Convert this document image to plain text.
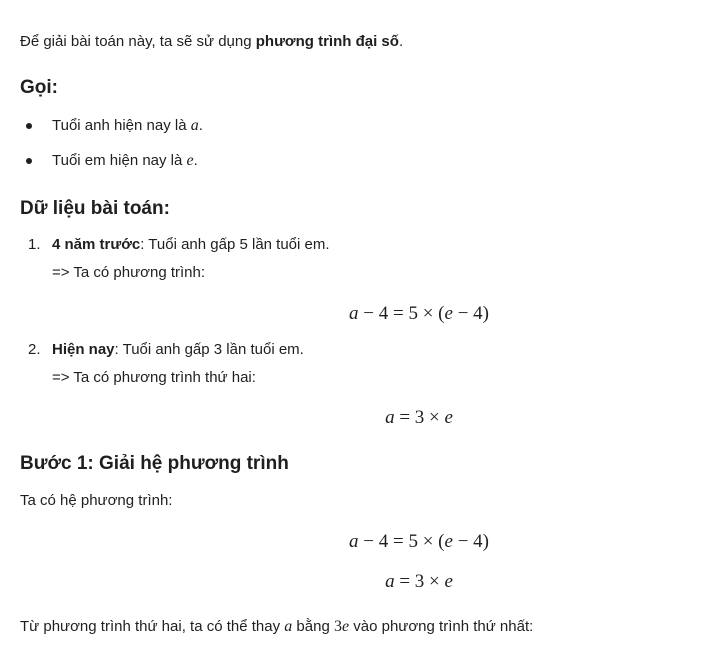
Để giải bài toán này, ta sẽ sử dụng phương trình đại số.
Gọi:
Tuổi anh hiện nay là a.
Tuổi em hiện nay là e.
Dữ liệu bài toán:
1. 4 năm trước: Tuổi anh gấp 5 lần tuổi em.
=> Ta có phương trình:
a − 4 = 5 × (e − 4)
2. Hiện nay: Tuổi anh gấp 3 lần tuổi em.
=> Ta có phương trình thứ hai:
a = 3 × e
Bước 1: Giải hệ phương trình
Ta có hệ phương trình:
a − 4 = 5 × (e − 4)
a = 3 × e
Từ phương trình thứ hai, ta có thể thay a bằng 3e vào phương trình thứ nhất:
